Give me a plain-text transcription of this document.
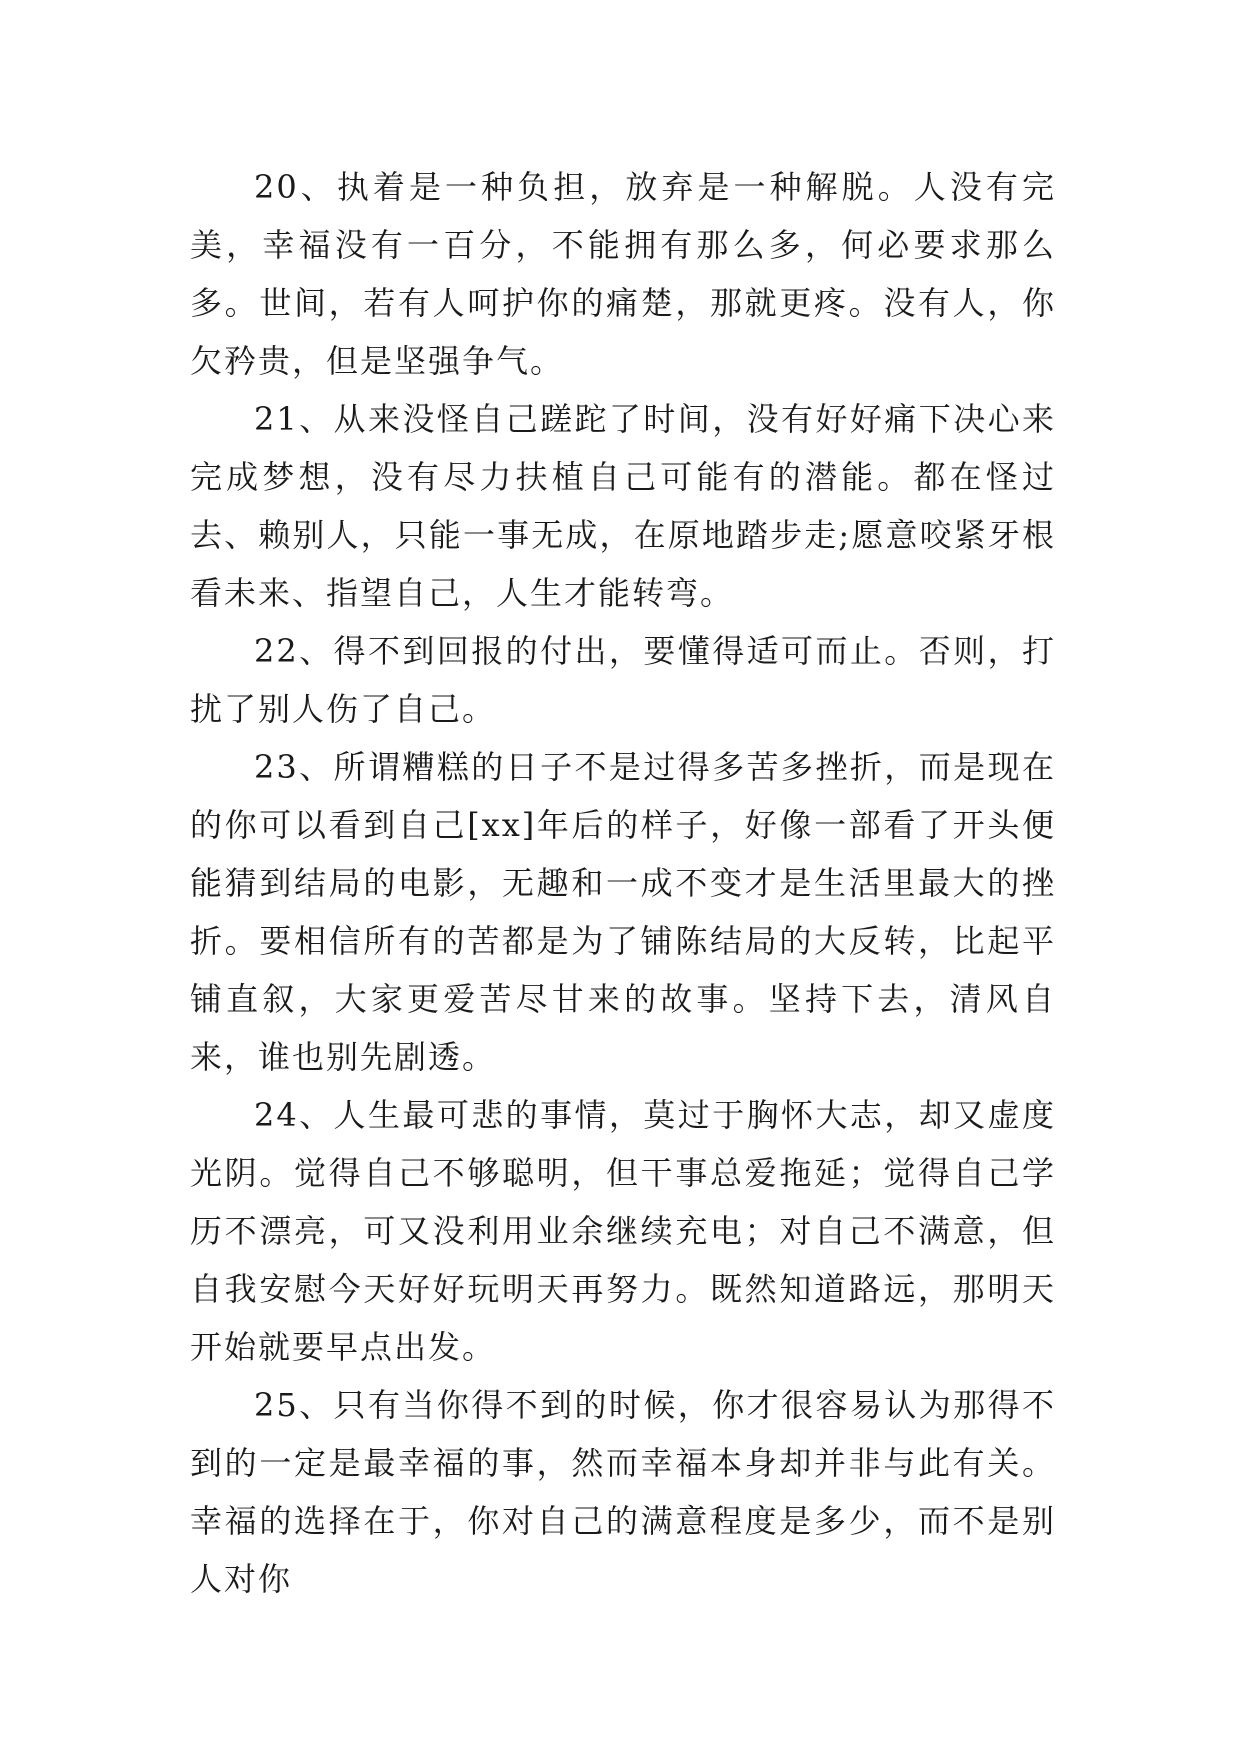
20、执着是一种负担，放弃是一种解脱。人没有完美，幸福没有一百分，不能拥有那么多，何必要求那么多。世间，若有人呵护你的痛楚，那就更疼。没有人，你欠矜贵，但是坚强争气。

21、从来没怪自己蹉跎了时间，没有好好痛下决心来完成梦想，没有尽力扶植自己可能有的潜能。都在怪过去、赖别人，只能一事无成，在原地踏步走;愿意咬紧牙根看未来、指望自己，人生才能转弯。

22、得不到回报的付出，要懂得适可而止。否则，打扰了别人伤了自己。

23、所谓糟糕的日子不是过得多苦多挫折，而是现在的你可以看到自己[xx]年后的样子，好像一部看了开头便能猜到结局的电影，无趣和一成不变才是生活里最大的挫折。要相信所有的苦都是为了铺陈结局的大反转，比起平铺直叙，大家更爱苦尽甘来的故事。坚持下去，清风自来，谁也别先剧透。

24、人生最可悲的事情，莫过于胸怀大志，却又虚度光阴。觉得自己不够聪明，但干事总爱拖延；觉得自己学历不漂亮，可又没利用业余继续充电；对自己不满意，但自我安慰今天好好玩明天再努力。既然知道路远，那明天开始就要早点出发。

25、只有当你得不到的时候，你才很容易认为那得不到的一定是最幸福的事，然而幸福本身却并非与此有关。幸福的选择在于，你对自己的满意程度是多少，而不是别人对你
